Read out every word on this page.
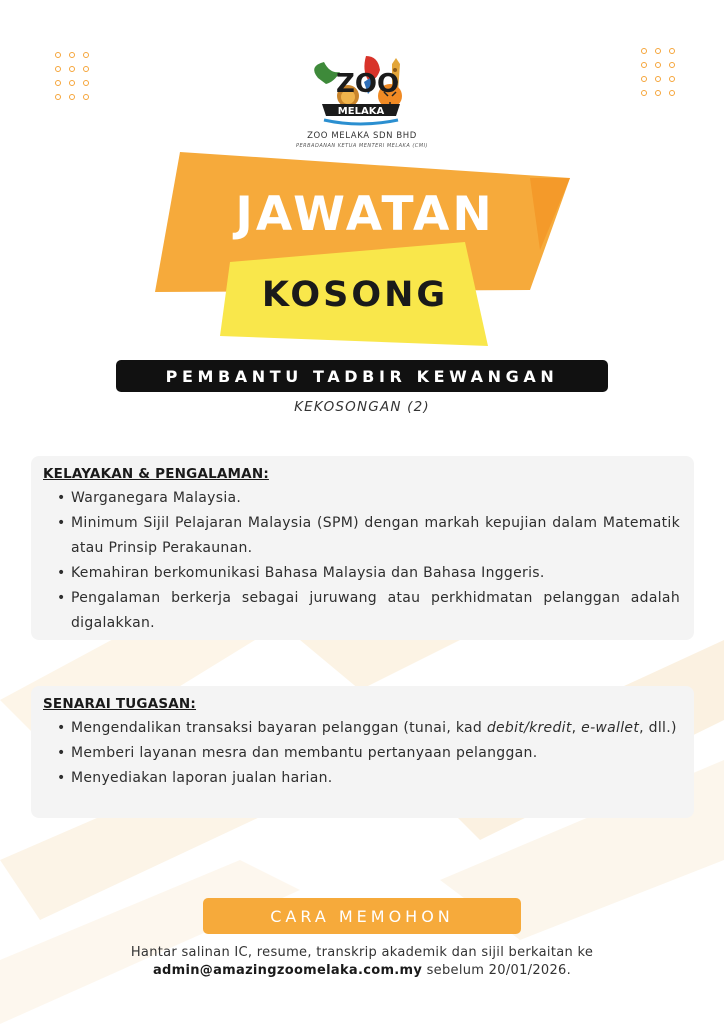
ZOO
MELAKA
ZOO MELAKA SDN BHD
PERBADANAN KETUA MENTERI MELAKA (CMI)
JAWATAN
KOSONG
PEMBANTU TADBIR KEWANGAN
KEKOSONGAN (2)
KELAYAKAN & PENGALAMAN:
• Warganegara Malaysia.
• Minimum Sijil Pelajaran Malaysia (SPM) dengan markah kepujian dalam Matematik atau Prinsip Perakaunan.
• Kemahiran berkomunikasi Bahasa Malaysia dan Bahasa Inggeris.
• Pengalaman berkerja sebagai juruwang atau perkhidmatan pelanggan adalah digalakkan.
SENARAI TUGASAN:
• Mengendalikan transaksi bayaran pelanggan (tunai, kad debit/kredit, e-wallet, dll.)
• Memberi layanan mesra dan membantu pertanyaan pelanggan.
• Menyediakan laporan jualan harian.
CARA MEMOHON
Hantar salinan IC, resume, transkrip akademik dan sijil berkaitan ke
admin@amazingzoomelaka.com.my sebelum 20/01/2026.
